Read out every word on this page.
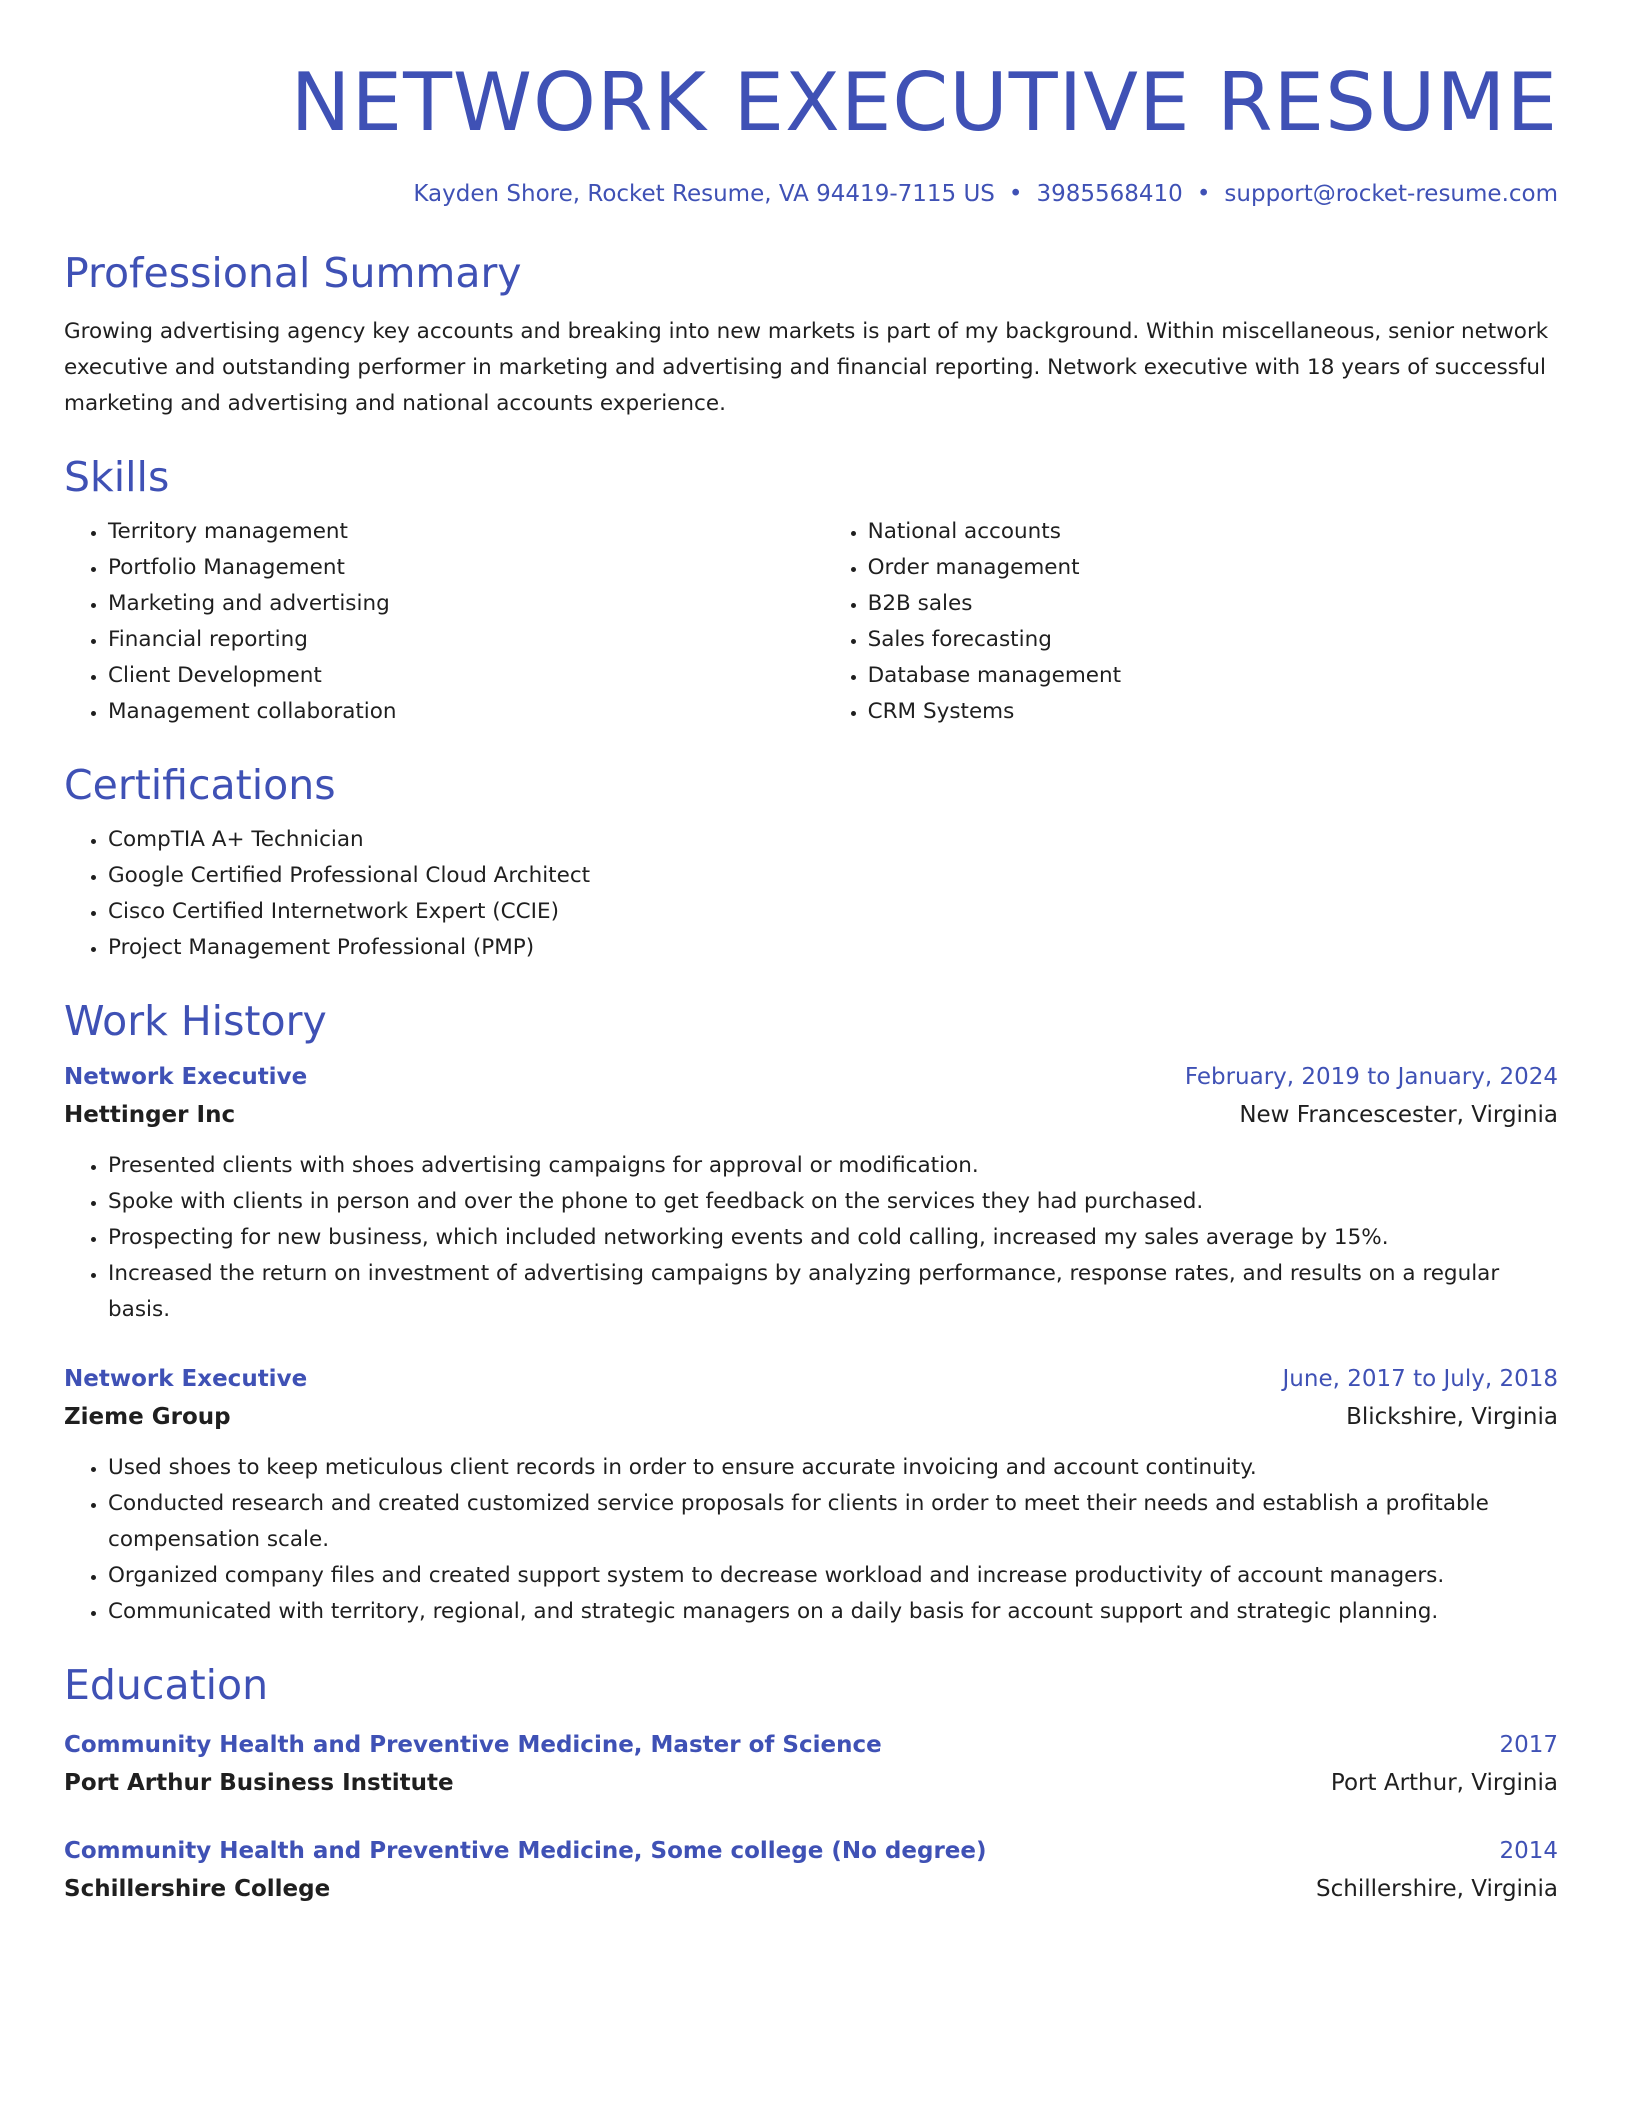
NETWORK EXECUTIVE RESUME
Kayden Shore, Rocket Resume, VA 94419-7115 US • 3985568410 • support@rocket-resume.com
Professional Summary
Growing advertising agency key accounts and breaking into new markets is part of my background. Within miscellaneous, senior network executive and outstanding performer in marketing and advertising and financial reporting. Network executive with 18 years of successful marketing and advertising and national accounts experience.
Skills
• Territory management
• Portfolio Management
• Marketing and advertising
• Financial reporting
• Client Development
• Management collaboration
• National accounts
• Order management
• B2B sales
• Sales forecasting
• Database management
• CRM Systems
Certifications
• CompTIA A+ Technician
• Google Certified Professional Cloud Architect
• Cisco Certified Internetwork Expert (CCIE)
• Project Management Professional (PMP)
Work History
Network Executive	February, 2019 to January, 2024
Hettinger Inc	New Francescester, Virginia
• Presented clients with shoes advertising campaigns for approval or modification.
• Spoke with clients in person and over the phone to get feedback on the services they had purchased.
• Prospecting for new business, which included networking events and cold calling, increased my sales average by 15%.
• Increased the return on investment of advertising campaigns by analyzing performance, response rates, and results on a regular basis.
Network Executive	June, 2017 to July, 2018
Zieme Group	Blickshire, Virginia
• Used shoes to keep meticulous client records in order to ensure accurate invoicing and account continuity.
• Conducted research and created customized service proposals for clients in order to meet their needs and establish a profitable compensation scale.
• Organized company files and created support system to decrease workload and increase productivity of account managers.
• Communicated with territory, regional, and strategic managers on a daily basis for account support and strategic planning.
Education
Community Health and Preventive Medicine, Master of Science	2017
Port Arthur Business Institute	Port Arthur, Virginia
Community Health and Preventive Medicine, Some college (No degree)	2014
Schillershire College	Schillershire, Virginia
